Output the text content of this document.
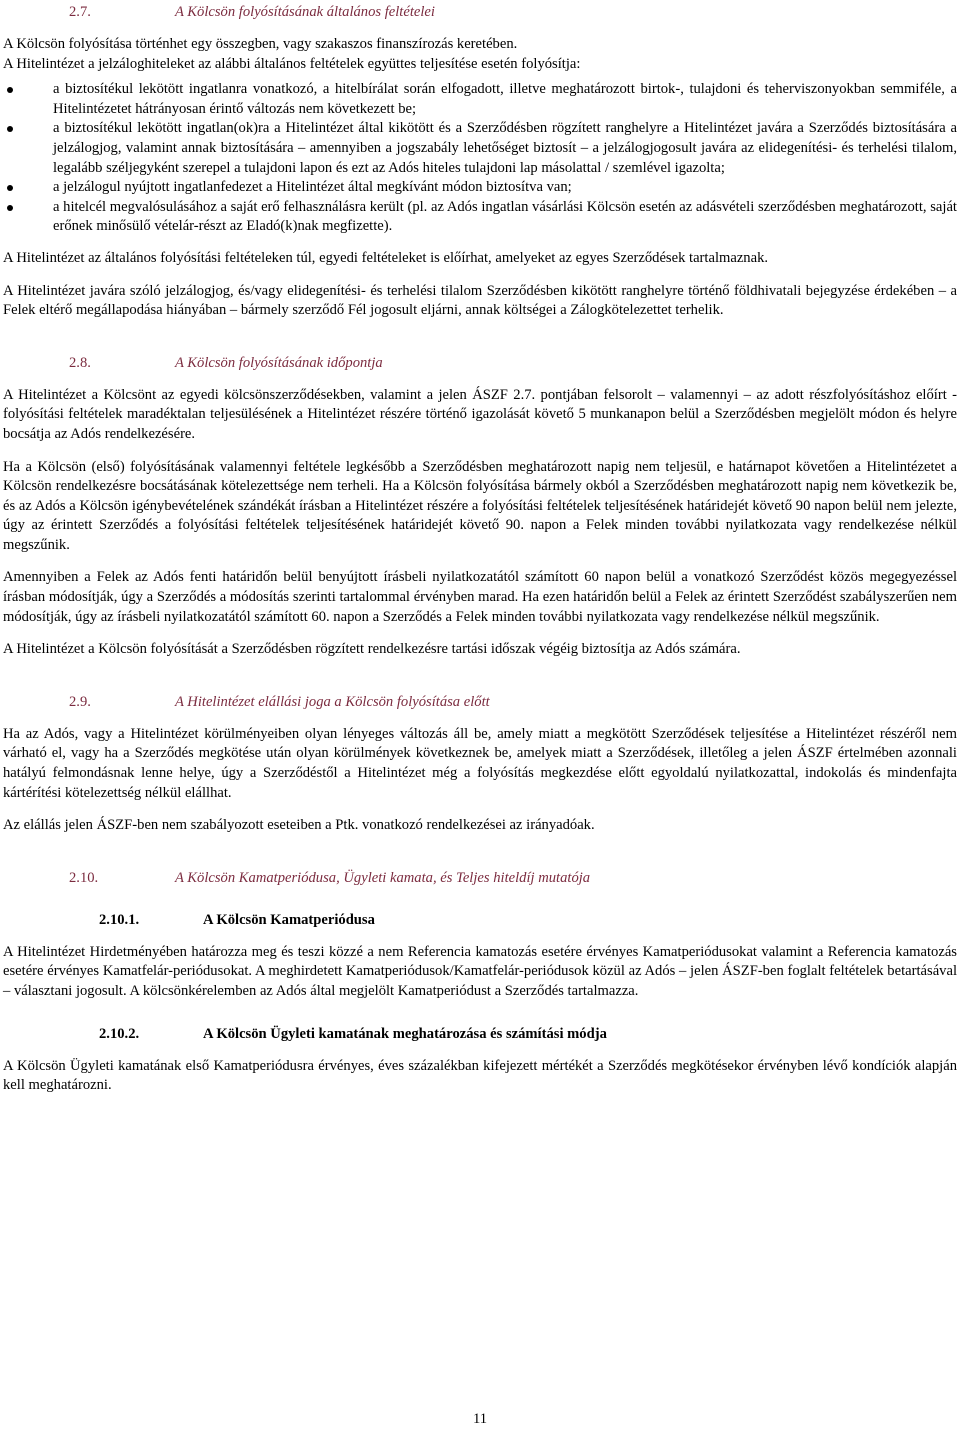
2.7.	A Kölcsön folyósításának általános feltételei

A Kölcsön folyósítása történhet egy összegben, vagy szakaszos finanszírozás keretében.

A Hitelintézet a jelzáloghiteleket az alábbi általános feltételek együttes teljesítése esetén folyósítja:

a biztosítékul lekötött ingatlanra vonatkozó, a hitelbírálat során elfogadott, illetve meghatározott birtok-, tulajdoni és teherviszonyokban semmiféle, a Hitelintézetet hátrányosan érintő változás nem következett be;
a biztosítékul lekötött ingatlan(ok)ra a Hitelintézet által kikötött és a Szerződésben rögzített ranghelyre a Hitelintézet javára a Szerződés biztosítására a jelzálogjog, valamint annak biztosítására – amennyiben a jogszabály lehetőséget biztosít – a jelzálogjogosult javára az elidegenítési- és terhelési tilalom, legalább széljegyként szerepel a tulajdoni lapon és ezt az Adós hiteles tulajdoni lap másolattal / szemlével igazolta;
a jelzálogul nyújtott ingatlanfedezet a Hitelintézet által megkívánt módon biztosítva van;
a hitelcél megvalósulásához a saját erő felhasználásra került (pl. az Adós ingatlan vásárlási Kölcsön esetén az adásvételi szerződésben meghatározott, saját erőnek minősülő vételár-részt az Eladó(k)nak megfizette).

A Hitelintézet az általános folyósítási feltételeken túl, egyedi feltételeket is előírhat, amelyeket az egyes Szerződések tartalmaznak.

A Hitelintézet javára szóló jelzálogjog, és/vagy elidegenítési- és terhelési tilalom Szerződésben kikötött ranghelyre történő földhivatali bejegyzése érdekében – a Felek eltérő megállapodása hiányában – bármely szerződő Fél jogosult eljárni, annak költségei a Zálogkötelezettet terhelik.

2.8.	A Kölcsön folyósításának időpontja

A Hitelintézet a Kölcsönt az egyedi kölcsönszerződésekben, valamint a jelen ÁSZF 2.7. pontjában felsorolt – valamennyi – az adott részfolyósításhoz előírt - folyósítási feltételek maradéktalan teljesülésének a Hitelintézet részére történő igazolását követő 5 munkanapon belül a Szerződésben megjelölt módon és helyre bocsátja az Adós rendelkezésére.

Ha a Kölcsön (első) folyósításának valamennyi feltétele legkésőbb a Szerződésben meghatározott napig nem teljesül, e határnapot követően a Hitelintézetet a Kölcsön rendelkezésre bocsátásának kötelezettsége nem terheli. Ha a Kölcsön folyósítása bármely okból a Szerződésben meghatározott napig nem következik be, és az Adós a Kölcsön igénybevételének szándékát írásban a Hitelintézet részére a folyósítási feltételek teljesítésének határidejét követő 90 napon belül nem jelezte, úgy az érintett Szerződés a folyósítási feltételek teljesítésének határidejét követő 90. napon a Felek minden további nyilatkozata vagy rendelkezése nélkül megszűnik.

Amennyiben a Felek az Adós fenti határidőn belül benyújtott írásbeli nyilatkozatától számított 60 napon belül a vonatkozó Szerződést közös megegyezéssel írásban módosítják, úgy a Szerződés a módosítás szerinti tartalommal érvényben marad. Ha ezen határidőn belül a Felek az érintett Szerződést szabályszerűen nem módosítják, úgy az írásbeli nyilatkozatától számított 60. napon a Szerződés a Felek minden további nyilatkozata vagy rendelkezése nélkül megszűnik.

A Hitelintézet a Kölcsön folyósítását a Szerződésben rögzített rendelkezésre tartási időszak végéig biztosítja az Adós számára.

2.9.	A Hitelintézet elállási joga a Kölcsön folyósítása előtt

Ha az Adós, vagy a Hitelintézet körülményeiben olyan lényeges változás áll be, amely miatt a megkötött Szerződések teljesítése a Hitelintézet részéről nem várható el, vagy ha a Szerződés megkötése után olyan körülmények következnek be, amelyek miatt a Szerződések, illetőleg a jelen ÁSZF értelmében azonnali hatályú felmondásnak lenne helye, úgy a Szerződéstől a Hitelintézet még a folyósítás megkezdése előtt egyoldalú nyilatkozattal, indokolás és mindenfajta kártérítési kötelezettség nélkül elállhat.

Az elállás jelen ÁSZF-ben nem szabályozott eseteiben a Ptk. vonatkozó rendelkezései az irányadóak.

2.10.	A Kölcsön Kamatperiódusa, Ügyleti kamata, és Teljes hiteldíj mutatója
2.10.1.	A Kölcsön Kamatperiódusa

A Hitelintézet Hirdetményében határozza meg és teszi közzé a nem Referencia kamatozás esetére érvényes Kamatperiódusokat valamint a Referencia kamatozás esetére érvényes Kamatfelár-periódusokat. A meghirdetett Kamatperiódusok/Kamatfelár-periódusok közül az Adós – jelen ÁSZF-ben foglalt feltételek betartásával – választani jogosult. A kölcsönkérelemben az Adós által megjelölt Kamatperiódust a Szerződés tartalmazza.

2.10.2.	A Kölcsön Ügyleti kamatának meghatározása és számítási módja

A Kölcsön Ügyleti kamatának első Kamatperiódusra érvényes, éves százalékban kifejezett mértékét a Szerződés megkötésekor érvényben lévő kondíciók alapján kell meghatározni.

11
